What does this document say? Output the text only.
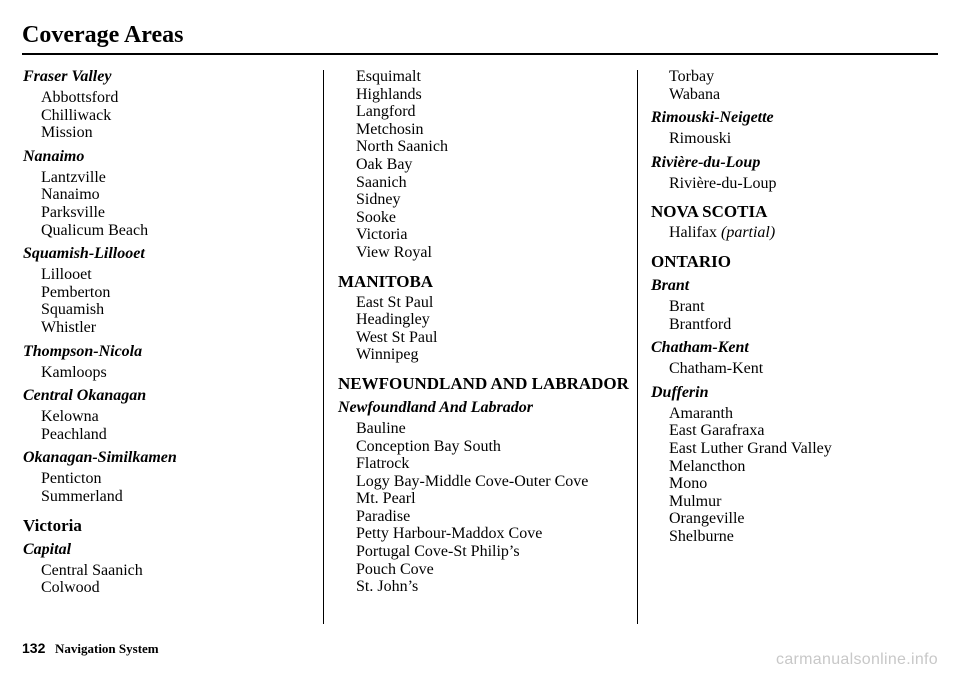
Coverage Areas
Fraser Valley
Abbottsford
Chilliwack
Mission
Nanaimo
Lantzville
Nanaimo
Parksville
Qualicum Beach
Squamish-Lillooet
Lillooet
Pemberton
Squamish
Whistler
Thompson-Nicola
Kamloops
Central Okanagan
Kelowna
Peachland
Okanagan-Similkamen
Penticton
Summerland
Victoria
Capital
Central Saanich
Colwood
Esquimalt
Highlands
Langford
Metchosin
North Saanich
Oak Bay
Saanich
Sidney
Sooke
Victoria
View Royal
MANITOBA
East St Paul
Headingley
West St Paul
Winnipeg
NEWFOUNDLAND AND LABRADOR
Newfoundland And Labrador
Bauline
Conception Bay South
Flatrock
Logy Bay-Middle Cove-Outer Cove
Mt. Pearl
Paradise
Petty Harbour-Maddox Cove
Portugal Cove-St Philip’s
Pouch Cove
St. John’s
Torbay
Wabana
Rimouski-Neigette
Rimouski
Rivière-du-Loup
Rivière-du-Loup
NOVA SCOTIA
Halifax (partial)
ONTARIO
Brant
Brant
Brantford
Chatham-Kent
Chatham-Kent
Dufferin
Amaranth
East Garafraxa
East Luther Grand Valley
Melancthon
Mono
Mulmur
Orangeville
Shelburne
132 Navigation System
carmanualsonline.info
